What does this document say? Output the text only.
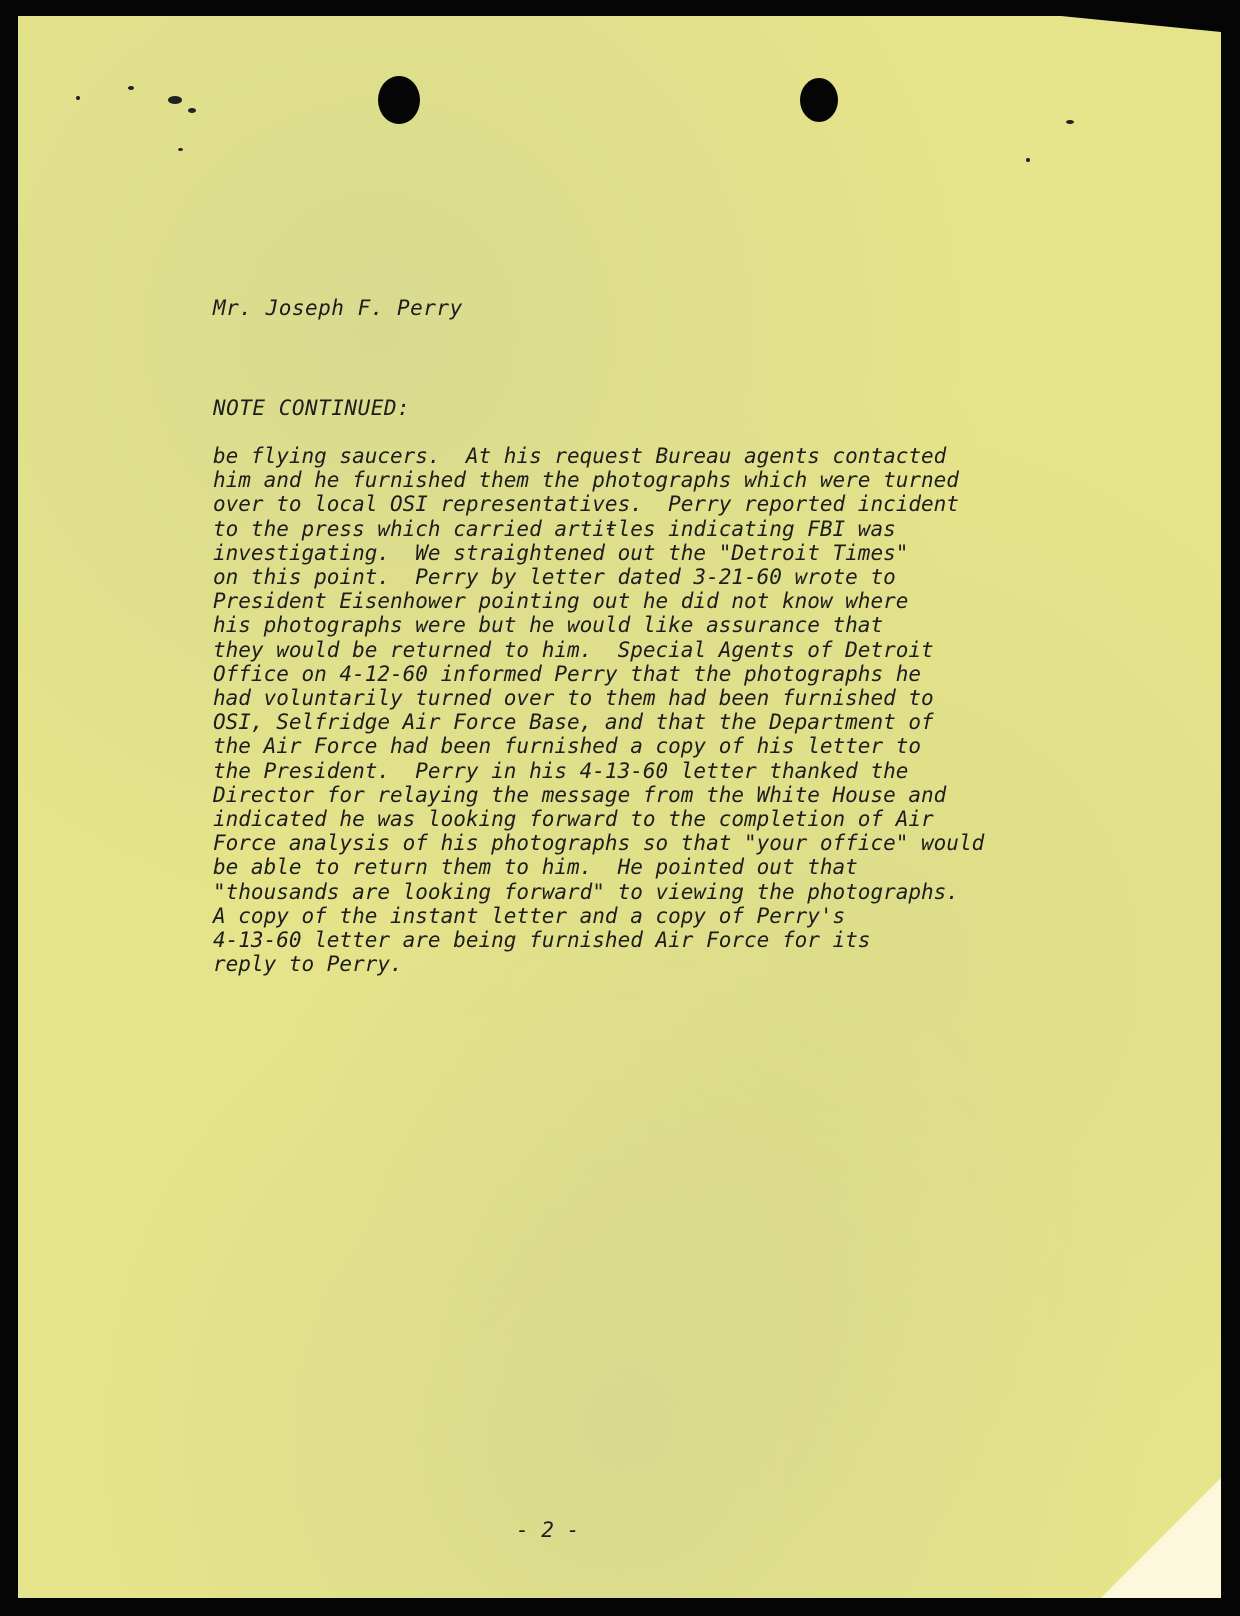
Mr. Joseph F. Perry
NOTE CONTINUED:
be flying saucers.  At his request Bureau agents contacted
him and he furnished them the photographs which were turned
over to local OSI representatives.  Perry reported incident
to the press which carried artiŧles indicating FBI was
investigating.  We straightened out the "Detroit Times"
on this point.  Perry by letter dated 3-21-60 wrote to
President Eisenhower pointing out he did not know where
his photographs were but he would like assurance that
they would be returned to him.  Special Agents of Detroit
Office on 4-12-60 informed Perry that the photographs he
had voluntarily turned over to them had been furnished to
OSI, Selfridge Air Force Base, and that the Department of
the Air Force had been furnished a copy of his letter to
the President.  Perry in his 4-13-60 letter thanked the
Director for relaying the message from the White House and
indicated he was looking forward to the completion of Air
Force analysis of his photographs so that "your office" would
be able to return them to him.  He pointed out that
"thousands are looking forward" to viewing the photographs.
A copy of the instant letter and a copy of Perry's
4-13-60 letter are being furnished Air Force for its
reply to Perry.
- 2 -
